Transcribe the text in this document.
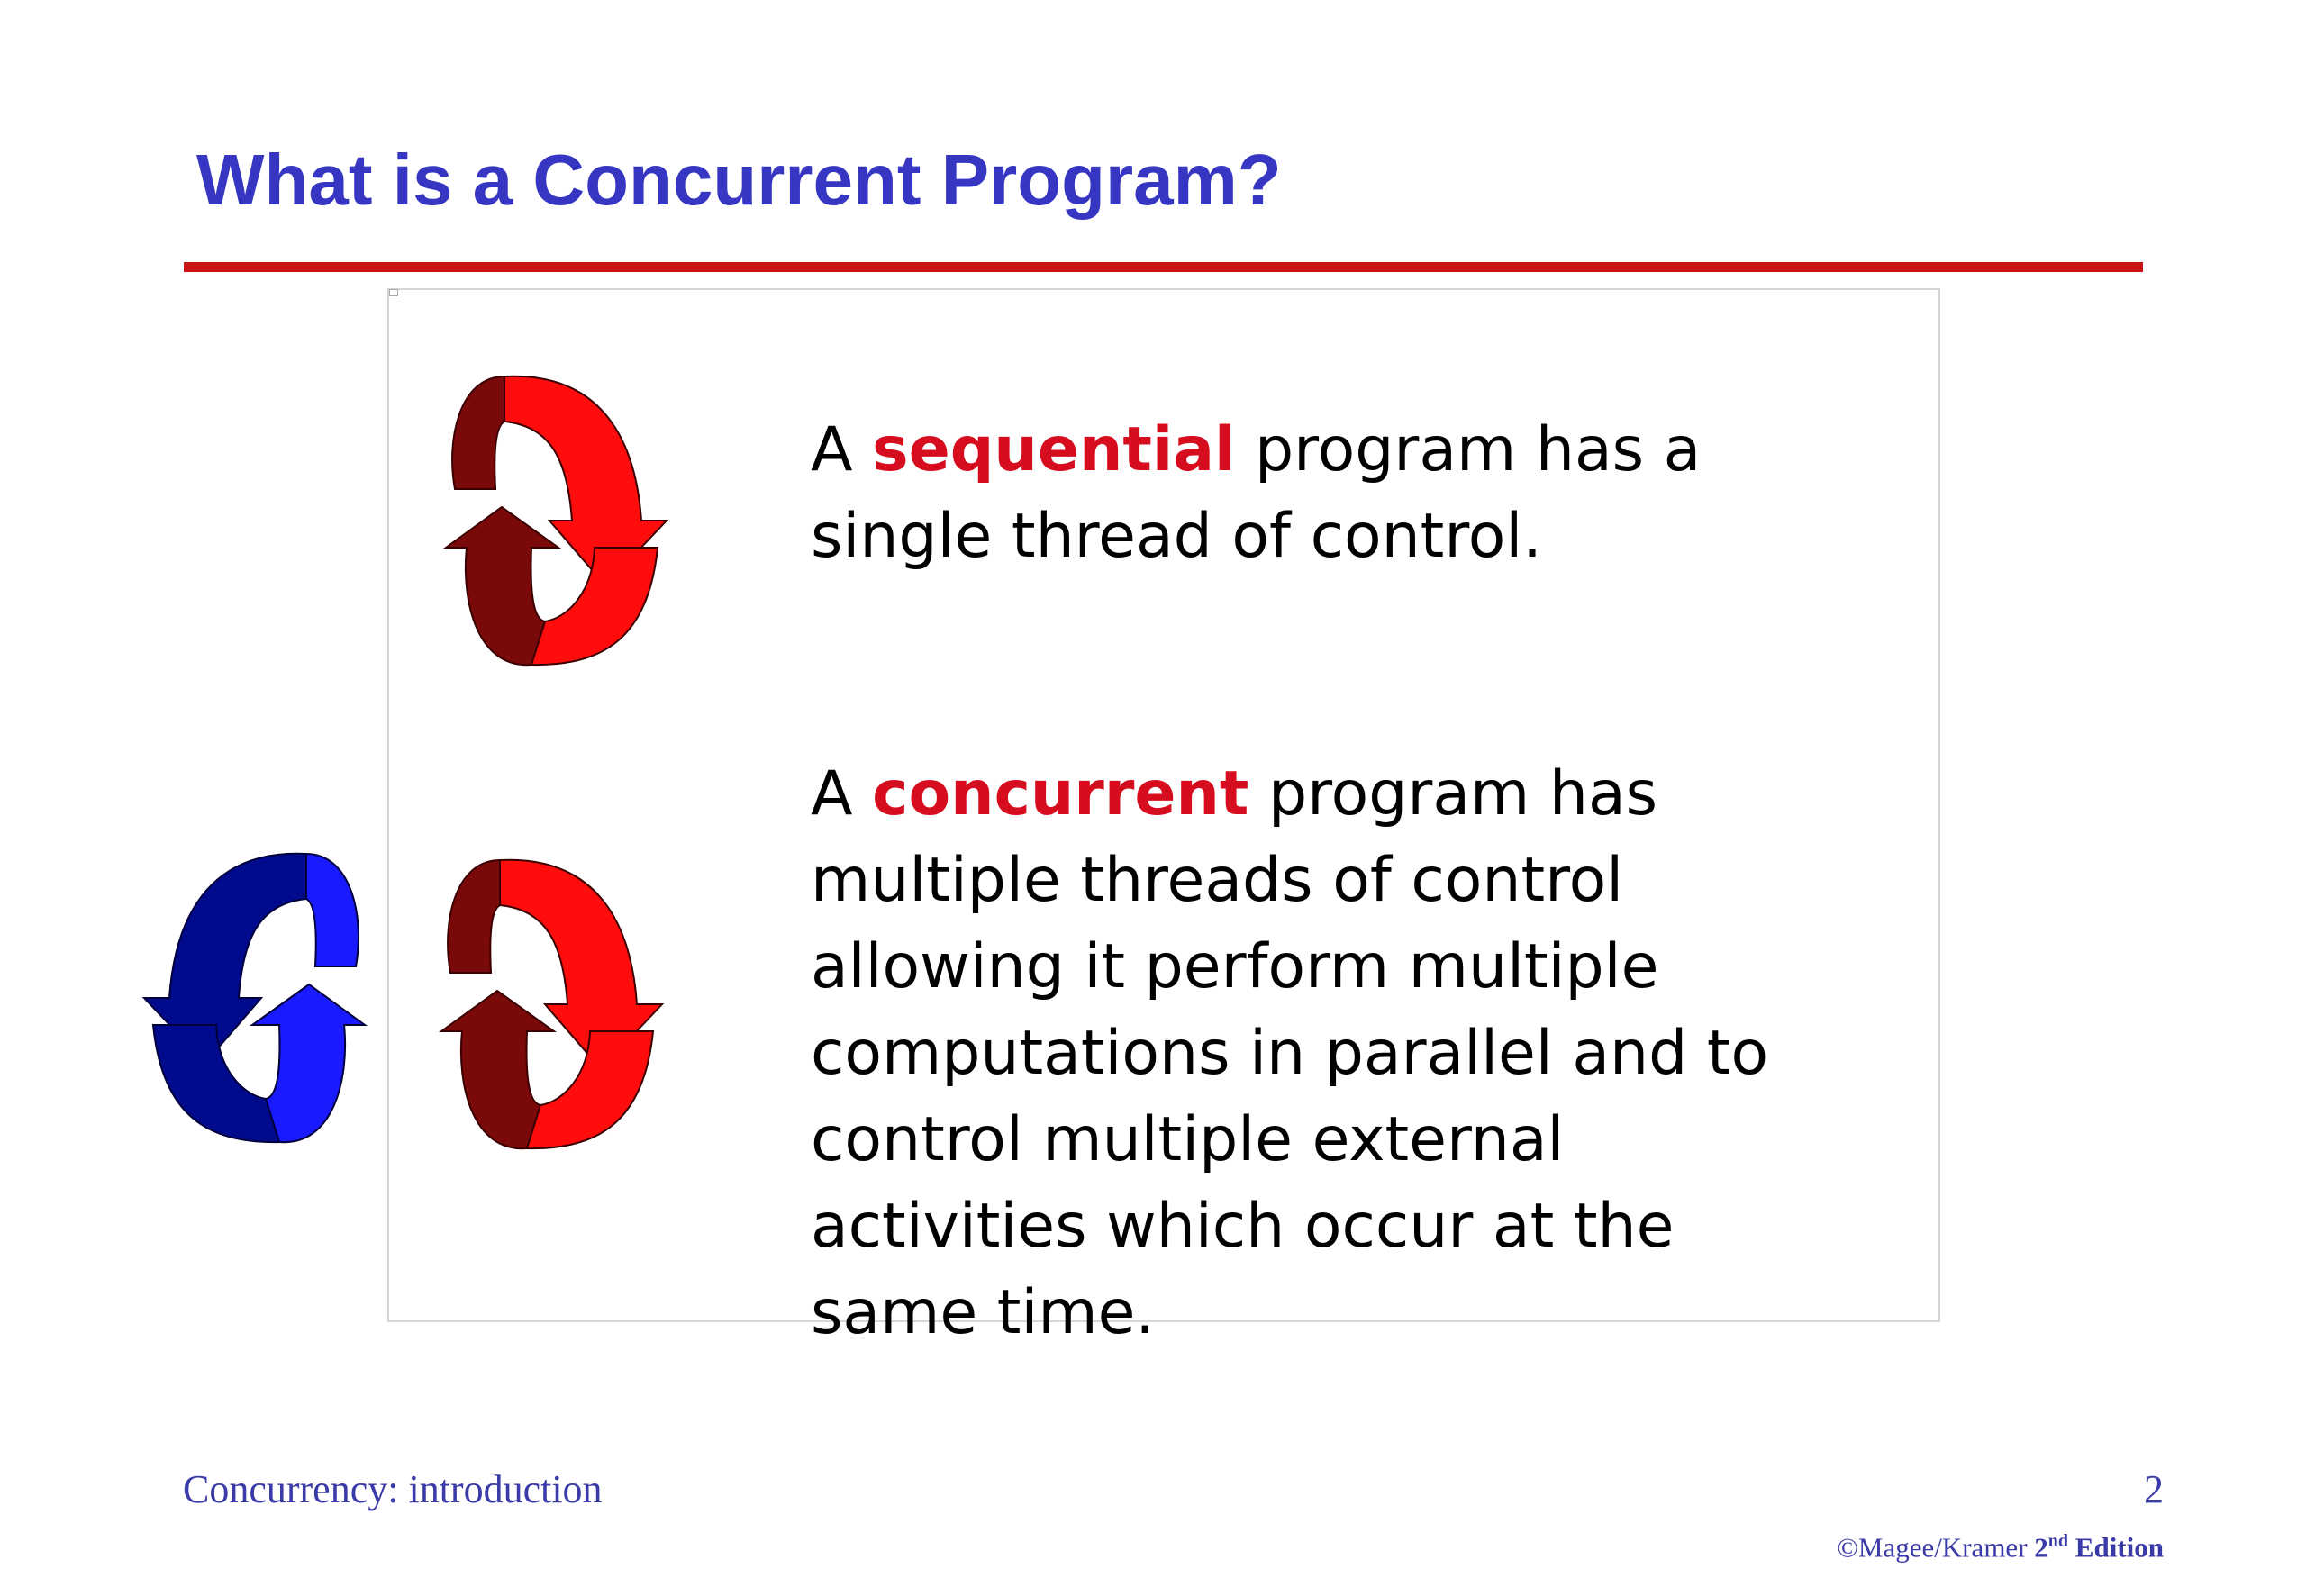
What is a Concurrent Program?
A sequential program has a
single thread of control.
A concurrent program has
multiple threads of control
allowing it perform multiple
computations in parallel and to
control multiple external
activities which occur at the
same time.
Concurrency: introduction	2
©Magee/Kramer 2nd Edition
